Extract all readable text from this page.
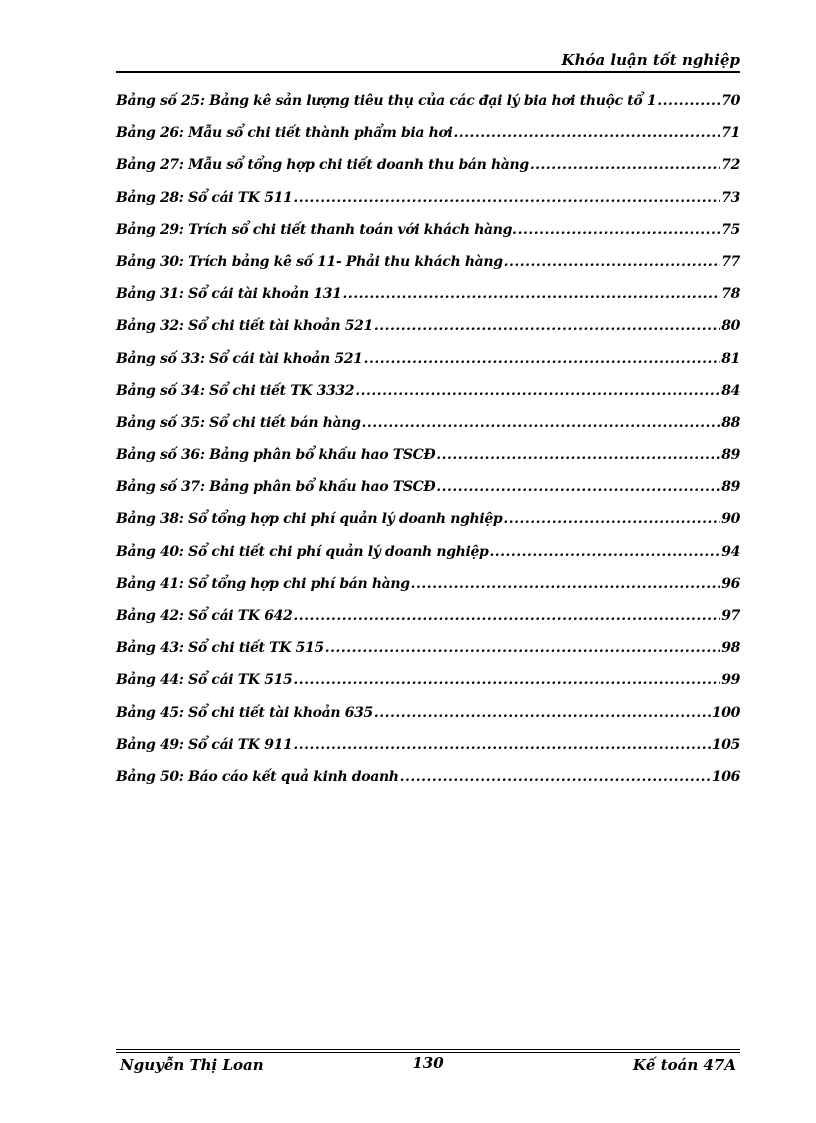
Khóa luận tốt nghiệp
Bảng số 25: Bảng kê sản lượng tiêu thụ của các đại lý bia hơi thuộc tổ 1 .....	70
Bảng 26: Mẫu sổ chi tiết thành phẩm bia hơi .....	71
Bảng 27: Mẫu sổ tổng hợp chi tiết doanh thu bán hàng .....	72
Bảng 28: Sổ cái TK 511 .....	73
Bảng 29: Trích sổ chi tiết thanh toán với khách hàng. .....	75
Bảng 30: Trích bảng kê số 11- Phải thu khách hàng .....	77
Bảng 31: Sổ cái tài khoản 131 .....	78
Bảng 32: Sổ chi tiết tài khoản 521 .....	80
Bảng số 33: Sổ cái tài khoản 521 .....	81
Bảng số 34: Sổ chi tiết TK 3332 .....	84
Bảng số 35: Sổ chi tiết bán hàng .....	88
Bảng số 36: Bảng phân bổ khấu hao TSCĐ .....	89
Bảng số 37: Bảng phân bổ khấu hao TSCĐ .....	89
Bảng 38: Sổ tổng hợp chi phí quản lý doanh nghiệp .....	90
Bảng 40: Sổ chi tiết chi phí quản lý doanh nghiệp .....	94
Bảng 41: Sổ tổng hợp chi phí bán hàng .....	96
Bảng 42: Sổ cái TK 642 .....	97
Bảng 43: Sổ chi tiết TK 515 .....	98
Bảng 44: Sổ cái TK 515 .....	99
Bảng 45: Sổ chi tiết tài khoản 635 .....	100
Bảng 49: Sổ cái TK 911 .....	105
Bảng 50: Báo cáo kết quả kinh doanh .....	106
Nguyễn Thị Loan	130	Kế toán 47A
